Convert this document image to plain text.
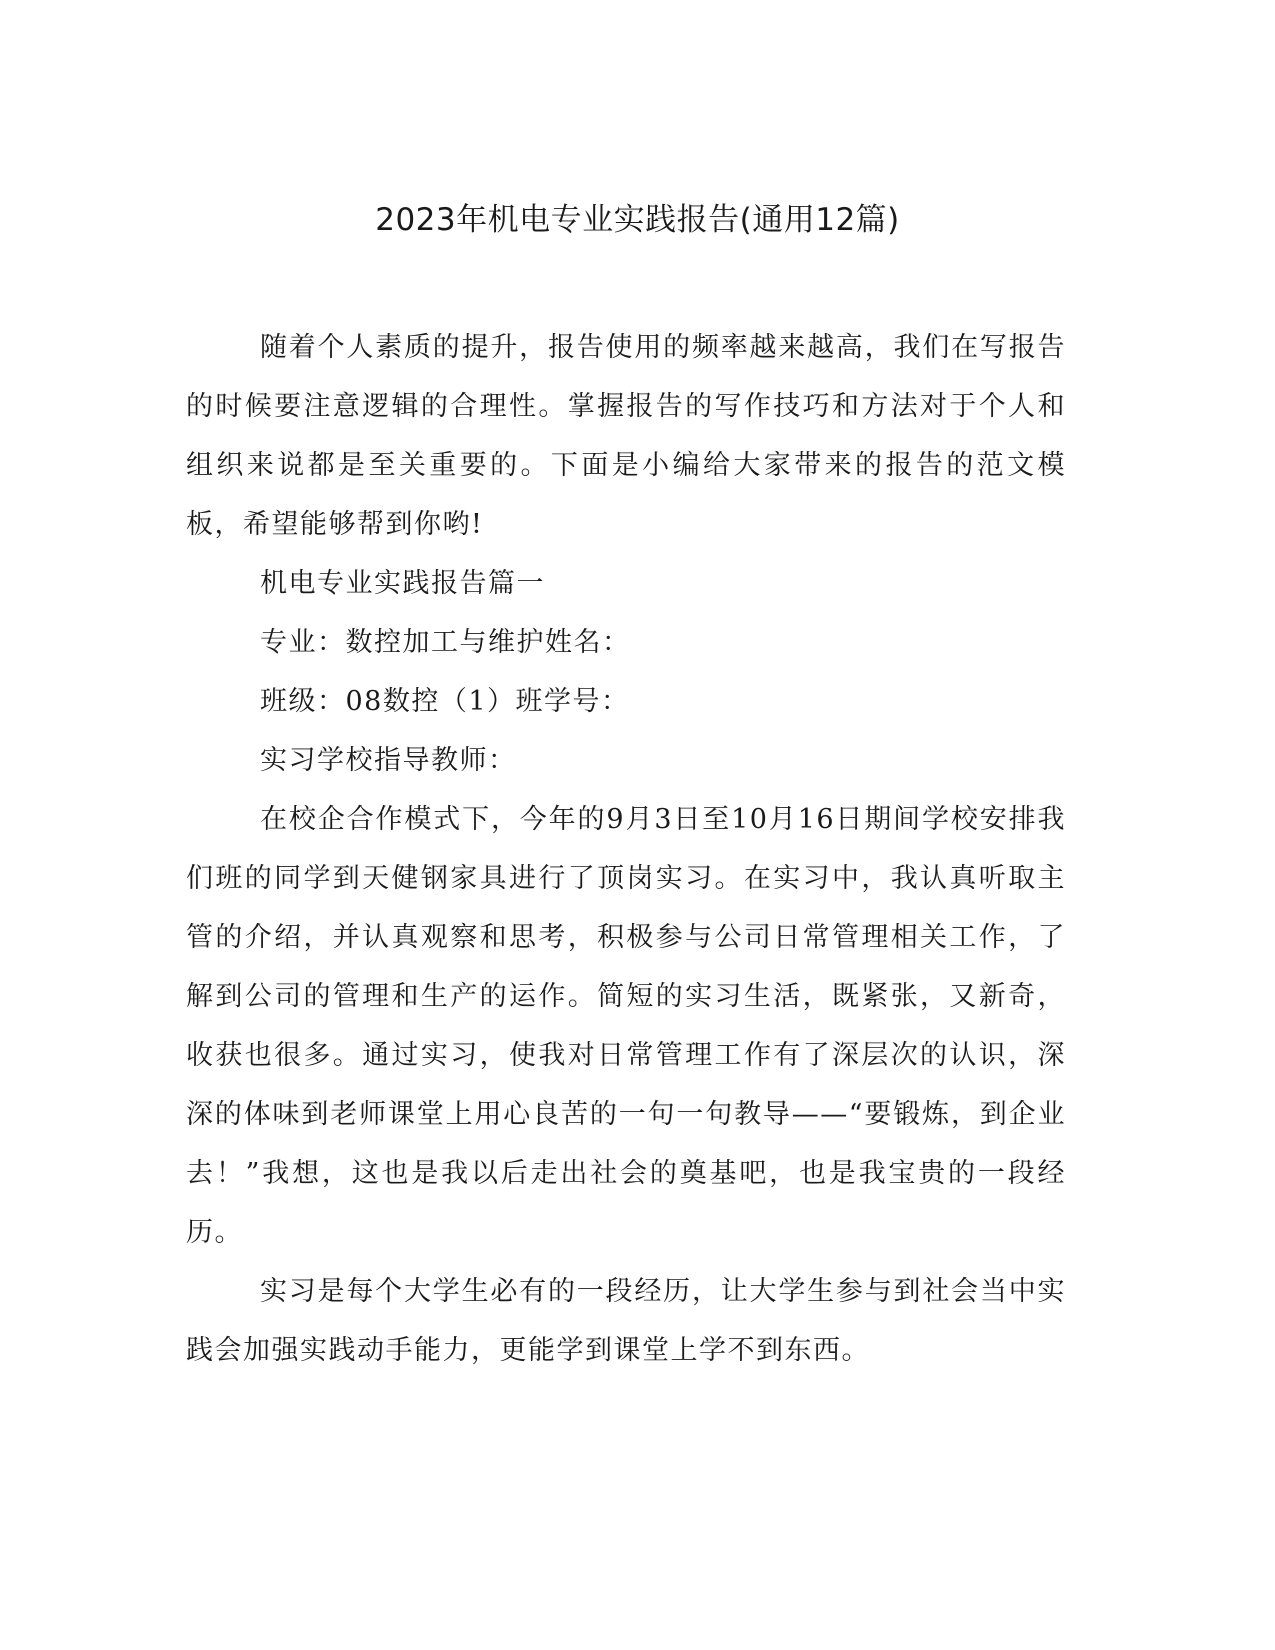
2023年机电专业实践报告(通用12篇)

随着个人素质的提升，报告使用的频率越来越高，我们在写报告的时候要注意逻辑的合理性。掌握报告的写作技巧和方法对于个人和组织来说都是至关重要的。下面是小编给大家带来的报告的范文模板，希望能够帮到你哟!

机电专业实践报告篇一

专业：数控加工与维护姓名：

班级：08数控（1）班学号：

实习学校指导教师：

在校企合作模式下，今年的9月3日至10月16日期间学校安排我们班的同学到天健钢家具进行了顶岗实习。在实习中，我认真听取主管的介绍，并认真观察和思考，积极参与公司日常管理相关工作，了解到公司的管理和生产的运作。简短的实习生活，既紧张，又新奇，收获也很多。通过实习，使我对日常管理工作有了深层次的认识，深深的体味到老师课堂上用心良苦的一句一句教导——“要锻炼，到企业去！”我想，这也是我以后走出社会的奠基吧，也是我宝贵的一段经历。

实习是每个大学生必有的一段经历，让大学生参与到社会当中实践会加强实践动手能力，更能学到课堂上学不到东西。
